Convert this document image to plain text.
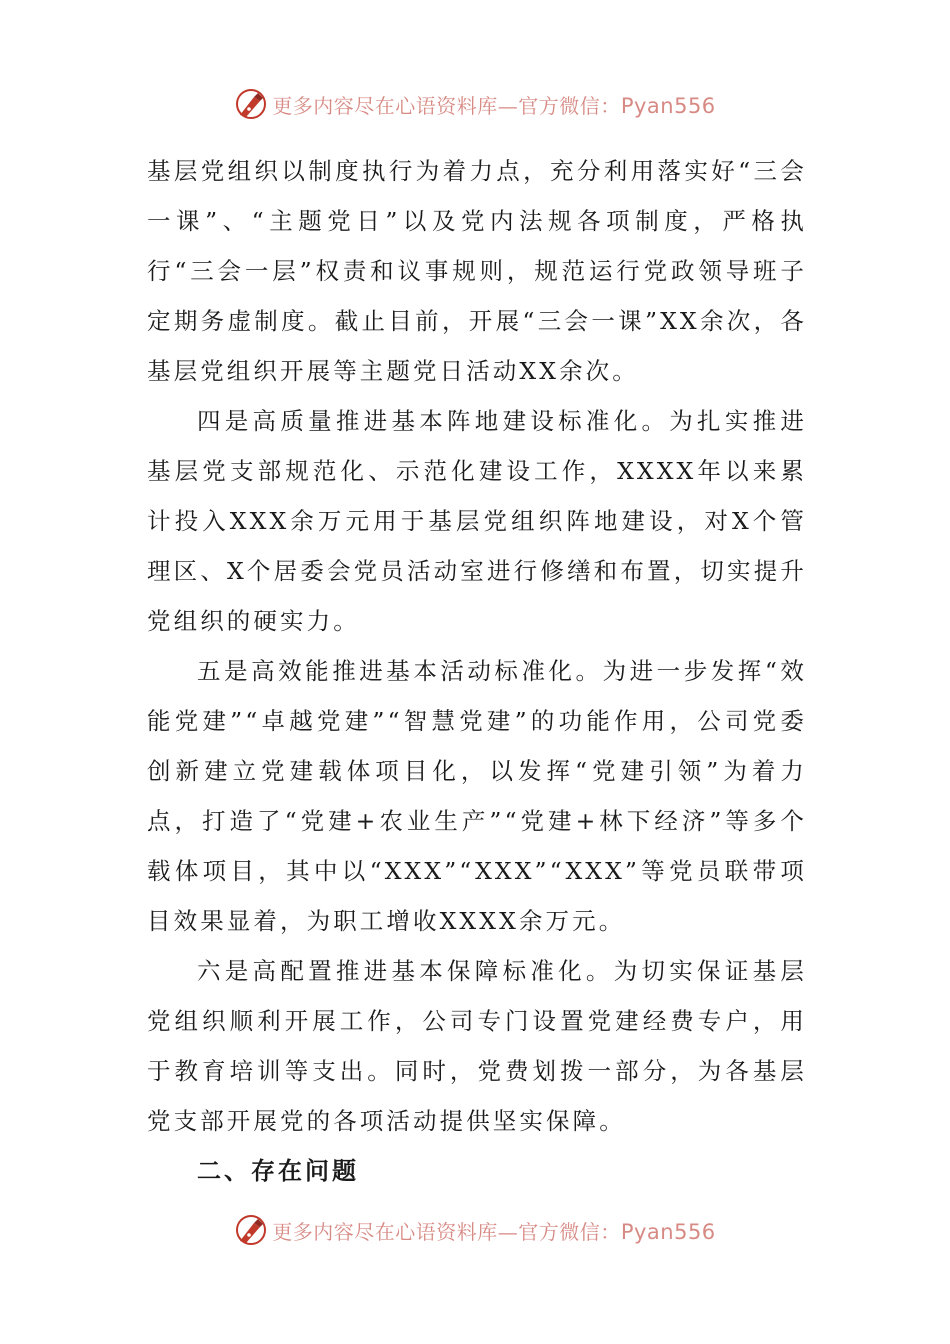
更多内容尽在心语资料库—官方微信：Pyan556

基层党组织以制度执行为着力点，充分利用落实好“三会一课”、“主题党日”以及党内法规各项制度，严格执行“三会一层”权责和议事规则，规范运行党政领导班子定期务虚制度。截止目前，开展“三会一课”XX余次，各基层党组织开展等主题党日活动XX余次。

四是高质量推进基本阵地建设标准化。为扎实推进基层党支部规范化、示范化建设工作，XXXX年以来累计投入XXX余万元用于基层党组织阵地建设，对X个管理区、X个居委会党员活动室进行修缮和布置，切实提升党组织的硬实力。

五是高效能推进基本活动标准化。为进一步发挥“效能党建”“卓越党建”“智慧党建”的功能作用，公司党委创新建立党建载体项目化，以发挥“党建引领”为着力点，打造了“党建+农业生产”“党建+林下经济”等多个载体项目，其中以“XXX”“XXX”“XXX”等党员联带项目效果显着，为职工增收XXXX余万元。

六是高配置推进基本保障标准化。为切实保证基层党组织顺利开展工作，公司专门设置党建经费专户，用于教育培训等支出。同时，党费划拨一部分，为各基层党支部开展党的各项活动提供坚实保障。

二、存在问题

更多内容尽在心语资料库—官方微信：Pyan556
